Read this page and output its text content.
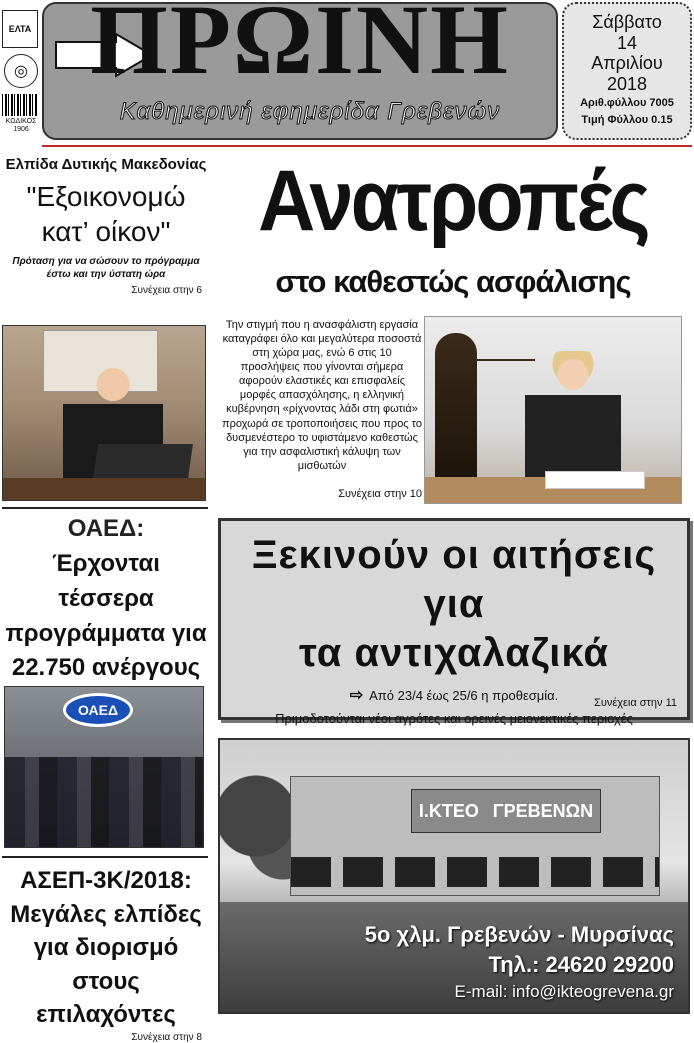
ΕΛΤΑ
◎
ΚΩΔΙΚΟΣ
1906
ΠΡΩΙΝΗ
Καθημερινή εφημερίδα Γρεβενών
Σάββατο
14
Απριλίου
2018
Αριθ.φύλλου 7005
Τιμή Φύλλου 0.15
Ελπίδα Δυτικής Μακεδονίας
"Εξοικονομώ
κατ’ οίκον"
Πρόταση για να σώσουν το πρόγραμμα έστω και την ύστατη ώρα
Συνέχεια στην 6
ΟΑΕΔ:
Έρχονται τέσσερα
προγράμματα για
22.750 ανέργους
ΟΑΕΔ
ΑΣΕΠ-3Κ/2018:
Μεγάλες ελπίδες
για διορισμό
στους επιλαχόντες
Συνέχεια στην 8
Ανατροπές
στο καθεστώς ασφάλισης
Την στιγμή που η ανασφάλιστη εργασία καταγράφει όλο και μεγαλύτερα ποσοστά στη χώρα μας, ενώ 6 στις 10 προσλήψεις που γίνονται σήμερα αφορούν ελαστικές και επισφαλείς μορφές απασχόλησης, η ελληνική κυβέρνηση «ρίχνοντας λάδι στη φωτιά» προχωρά σε τροποποιήσεις που προς το δυσμενέστερο το υφιστάμενο καθεστώς για την ασφαλιστική κάλυψη των μισθωτών
Συνέχεια στην 10
Ξεκινούν οι αιτήσεις για
τα αντιχαλαζικά
⇨ Από 23/4 έως 25/6 η προθεσμία.
Πριμοδοτούνται νέοι αγρότες και ορεινές μειονεκτικές περιοχές
Συνέχεια στην 11
Ι.ΚΤΕΟ ΓΡΕΒΕΝΩΝ
5ο χλμ. Γρεβενών - Μυρσίνας
Τηλ.: 24620 29200
E-mail: info@ikteogrevena.gr
